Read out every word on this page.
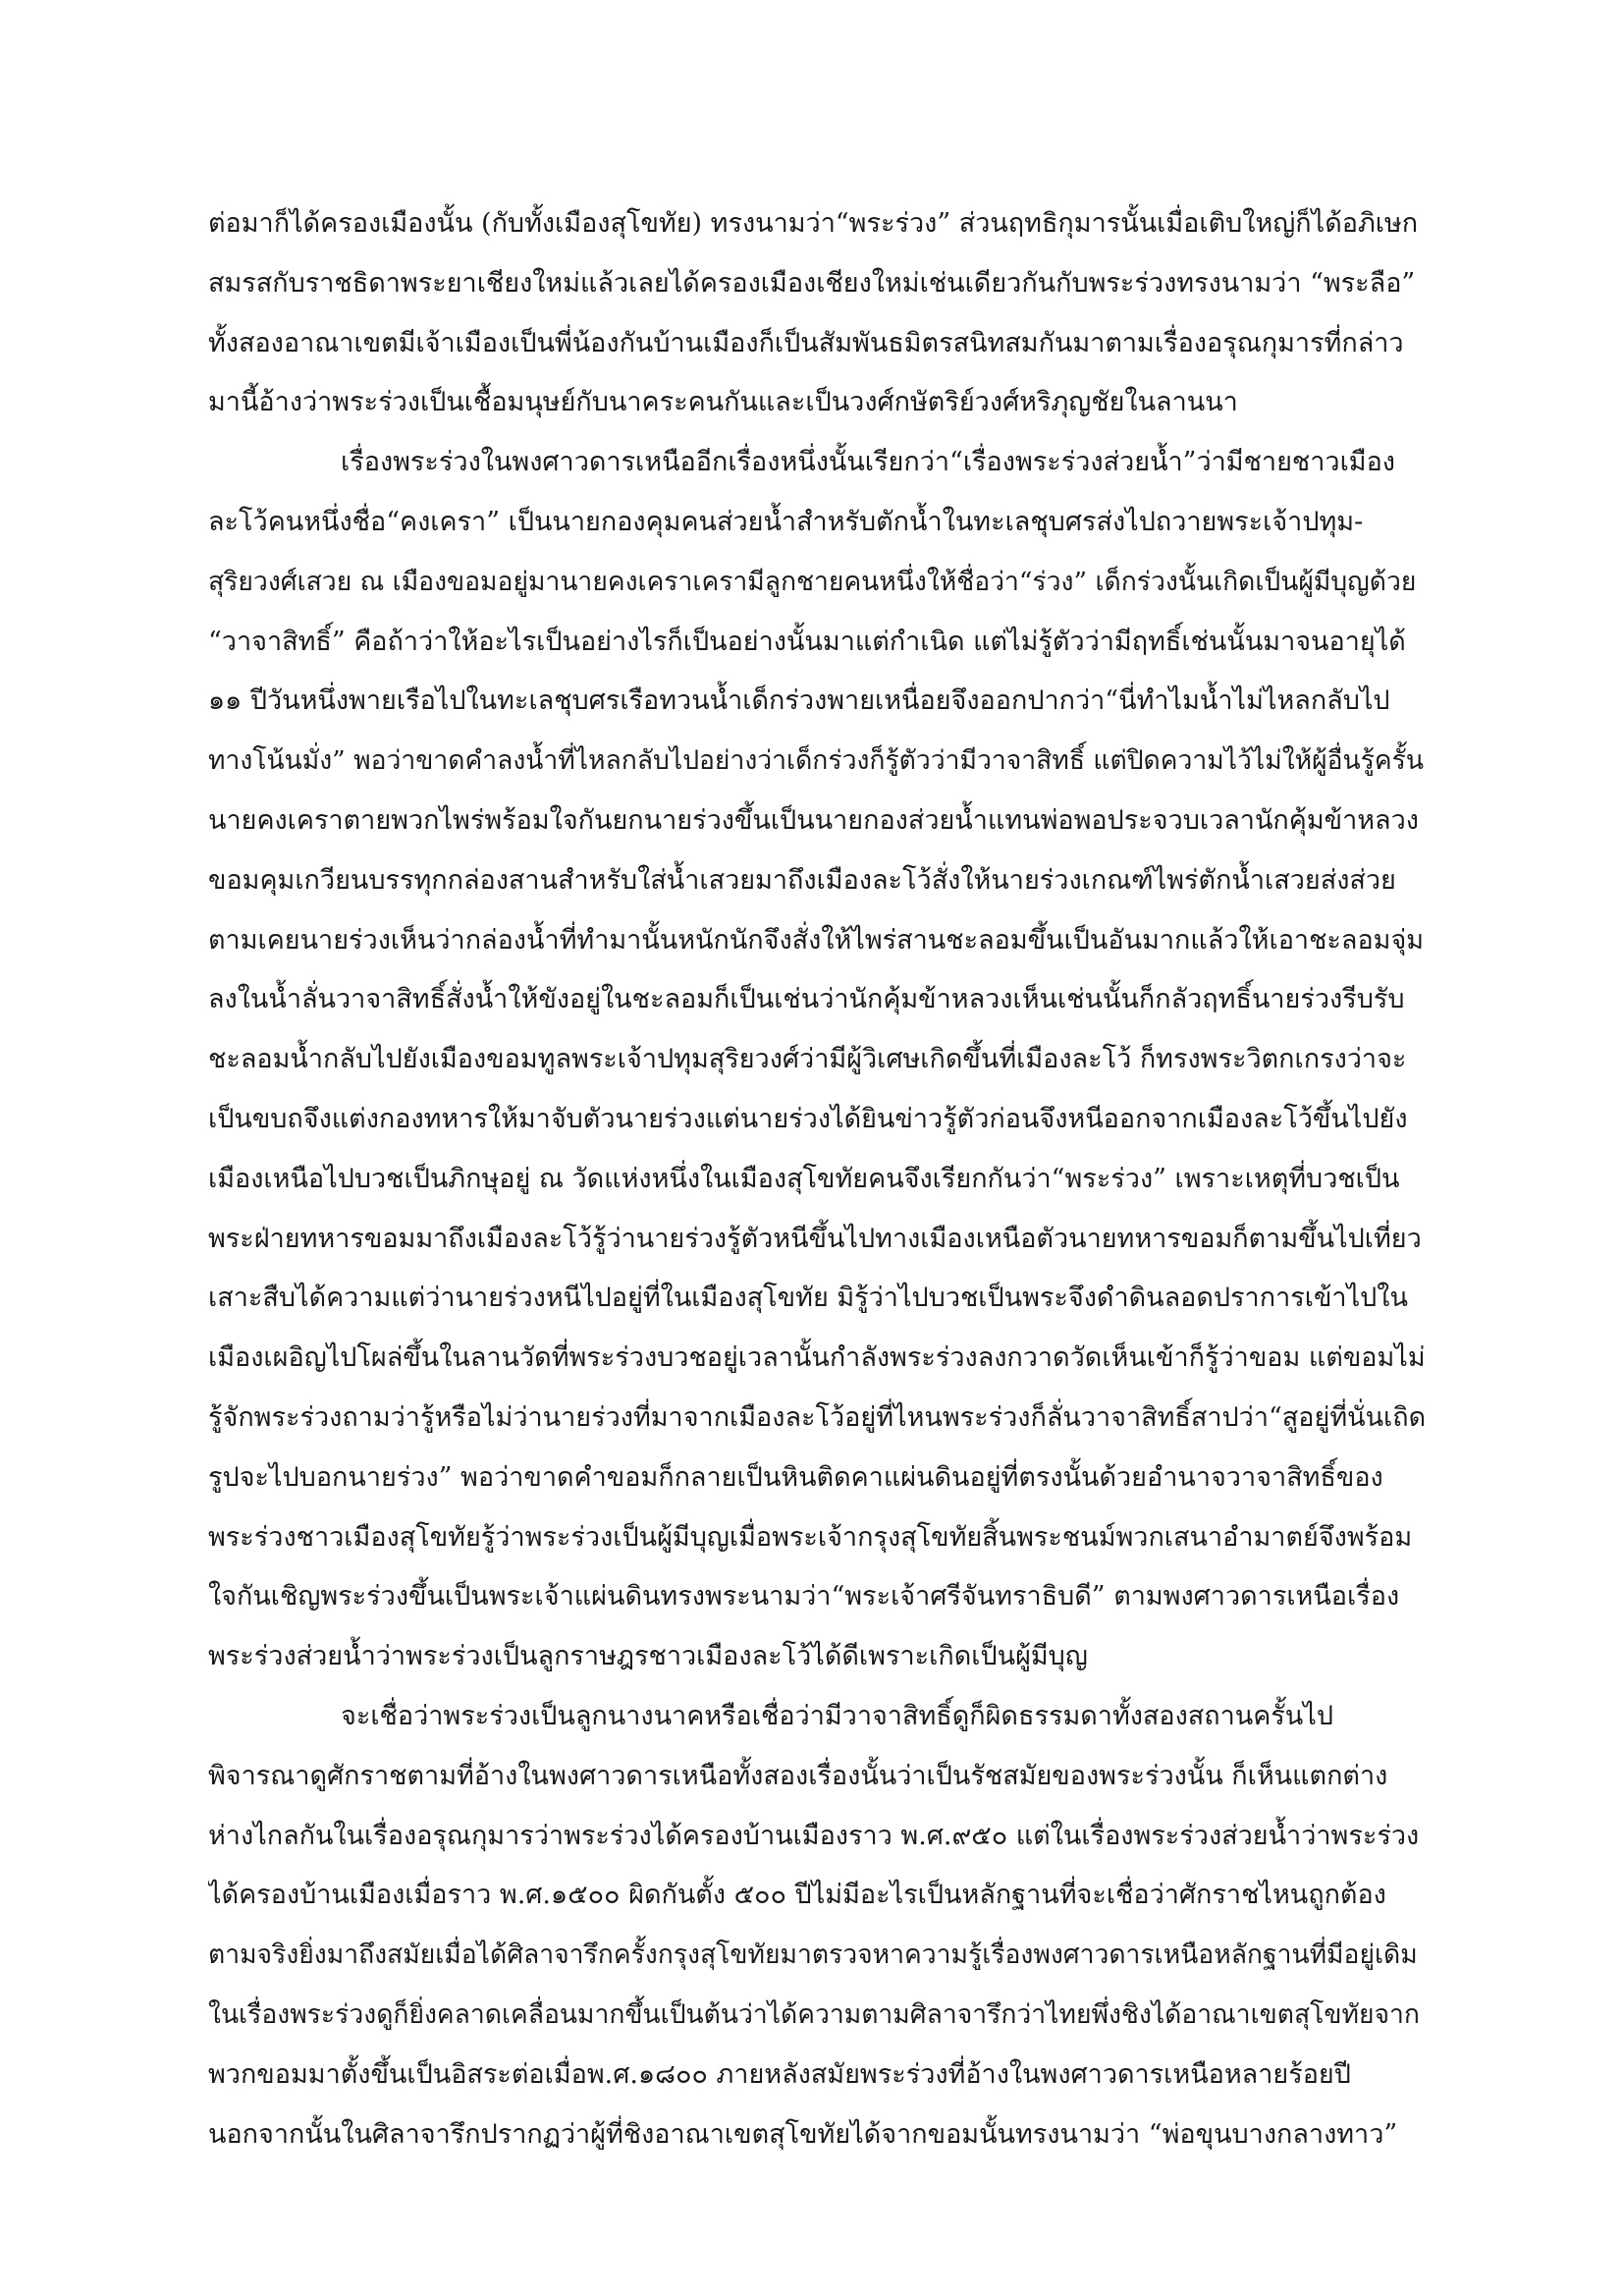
ต่อมาก็ได้ครองเมืองนั้น (กับทั้งเมืองสุโขทัย) ทรงนามว่า“พระร่วง” ส่วนฤทธิกุมารนั้นเมื่อเติบใหญ่ก็ได้อภิเษก
สมรสกับราชธิดาพระยาเชียงใหม่แล้วเลยได้ครองเมืองเชียงใหม่เช่นเดียวกันกับพระร่วงทรงนามว่า “พระลือ”
ทั้งสองอาณาเขตมีเจ้าเมืองเป็นพี่น้องกันบ้านเมืองก็เป็นสัมพันธมิตรสนิทสมกันมาตามเรื่องอรุณกุมารที่กล่าว
มานี้อ้างว่าพระร่วงเป็นเชื้อมนุษย์กับนาคระคนกันและเป็นวงศ์กษัตริย์วงศ์หริภุญชัยในลานนา
เรื่องพระร่วงในพงศาวดารเหนืออีกเรื่องหนึ่งนั้นเรียกว่า“เรื่องพระร่วงส่วยน้ำ”ว่ามีชายชาวเมือง
ละโว้คนหนึ่งชื่อ“คงเครา” เป็นนายกองคุมคนส่วยน้ำสำหรับตักน้ำในทะเลชุบศรส่งไปถวายพระเจ้าปทุม-
สุริยวงศ์เสวย ณ เมืองขอมอยู่มานายคงเคราเครามีลูกชายคนหนึ่งให้ชื่อว่า“ร่วง” เด็กร่วงนั้นเกิดเป็นผู้มีบุญด้วย
“วาจาสิทธิ์” คือถ้าว่าให้อะไรเป็นอย่างไรก็เป็นอย่างนั้นมาแต่กำเนิด แต่ไม่รู้ตัวว่ามีฤทธิ์เช่นนั้นมาจนอายุได้
๑๑ ปีวันหนึ่งพายเรือไปในทะเลชุบศรเรือทวนน้ำเด็กร่วงพายเหนื่อยจึงออกปากว่า“นี่ทำไมน้ำไม่ไหลกลับไป
ทางโน้นมั่ง” พอว่าขาดคำลงน้ำที่ไหลกลับไปอย่างว่าเด็กร่วงก็รู้ตัวว่ามีวาจาสิทธิ์ แต่ปิดความไว้ไม่ให้ผู้อื่นรู้ครั้น
นายคงเคราตายพวกไพร่พร้อมใจกันยกนายร่วงขึ้นเป็นนายกองส่วยน้ำแทนพ่อพอประจวบเวลานักคุ้มข้าหลวง
ขอมคุมเกวียนบรรทุกกล่องสานสำหรับใส่น้ำเสวยมาถึงเมืองละโว้สั่งให้นายร่วงเกณฑ์ไพร่ตักน้ำเสวยส่งส่วย
ตามเคยนายร่วงเห็นว่ากล่องน้ำที่ทำมานั้นหนักนักจึงสั่งให้ไพร่สานชะลอมขึ้นเป็นอันมากแล้วให้เอาชะลอมจุ่ม
ลงในน้ำลั่นวาจาสิทธิ์สั่งน้ำให้ขังอยู่ในชะลอมก็เป็นเช่นว่านักคุ้มข้าหลวงเห็นเช่นนั้นก็กลัวฤทธิ์นายร่วงรีบรับ
ชะลอมน้ำกลับไปยังเมืองขอมทูลพระเจ้าปทุมสุริยวงศ์ว่ามีผู้วิเศษเกิดขึ้นที่เมืองละโว้ ก็ทรงพระวิตกเกรงว่าจะ
เป็นขบถจึงแต่งกองทหารให้มาจับตัวนายร่วงแต่นายร่วงได้ยินข่าวรู้ตัวก่อนจึงหนีออกจากเมืองละโว้ขึ้นไปยัง
เมืองเหนือไปบวชเป็นภิกษุอยู่ ณ วัดแห่งหนึ่งในเมืองสุโขทัยคนจึงเรียกกันว่า“พระร่วง” เพราะเหตุที่บวชเป็น
พระฝ่ายทหารขอมมาถึงเมืองละโว้รู้ว่านายร่วงรู้ตัวหนีขึ้นไปทางเมืองเหนือตัวนายทหารขอมก็ตามขึ้นไปเที่ยว
เสาะสืบได้ความแต่ว่านายร่วงหนีไปอยู่ที่ในเมืองสุโขทัย มิรู้ว่าไปบวชเป็นพระจึงดำดินลอดปราการเข้าไปใน
เมืองเผอิญไปโผล่ขึ้นในลานวัดที่พระร่วงบวชอยู่เวลานั้นกำลังพระร่วงลงกวาดวัดเห็นเข้าก็รู้ว่าขอม แต่ขอมไม่
รู้จักพระร่วงถามว่ารู้หรือไม่ว่านายร่วงที่มาจากเมืองละโว้อยู่ที่ไหนพระร่วงก็ลั่นวาจาสิทธิ์สาปว่า“สูอยู่ที่นั่นเถิด
รูปจะไปบอกนายร่วง” พอว่าขาดคำขอมก็กลายเป็นหินติดคาแผ่นดินอยู่ที่ตรงนั้นด้วยอำนาจวาจาสิทธิ์ของ
พระร่วงชาวเมืองสุโขทัยรู้ว่าพระร่วงเป็นผู้มีบุญเมื่อพระเจ้ากรุงสุโขทัยสิ้นพระชนม์พวกเสนาอำมาตย์จึงพร้อม
ใจกันเชิญพระร่วงขึ้นเป็นพระเจ้าแผ่นดินทรงพระนามว่า“พระเจ้าศรีจันทราธิบดี” ตามพงศาวดารเหนือเรื่อง
พระร่วงส่วยน้ำว่าพระร่วงเป็นลูกราษฎรชาวเมืองละโว้ได้ดีเพราะเกิดเป็นผู้มีบุญ
จะเชื่อว่าพระร่วงเป็นลูกนางนาคหรือเชื่อว่ามีวาจาสิทธิ์ดูก็ผิดธรรมดาทั้งสองสถานครั้นไป
พิจารณาดูศักราชตามที่อ้างในพงศาวดารเหนือทั้งสองเรื่องนั้นว่าเป็นรัชสมัยของพระร่วงนั้น ก็เห็นแตกต่าง
ห่างไกลกันในเรื่องอรุณกุมารว่าพระร่วงได้ครองบ้านเมืองราว พ.ศ.๙๕๐ แต่ในเรื่องพระร่วงส่วยน้ำว่าพระร่วง
ได้ครองบ้านเมืองเมื่อราว พ.ศ.๑๕๐๐ ผิดกันตั้ง ๕๐๐ ปีไม่มีอะไรเป็นหลักฐานที่จะเชื่อว่าศักราชไหนถูกต้อง
ตามจริงยิ่งมาถึงสมัยเมื่อได้ศิลาจารึกครั้งกรุงสุโขทัยมาตรวจหาความรู้เรื่องพงศาวดารเหนือหลักฐานที่มีอยู่เดิม
ในเรื่องพระร่วงดูก็ยิ่งคลาดเคลื่อนมากขึ้นเป็นต้นว่าได้ความตามศิลาจารึกว่าไทยพึ่งชิงได้อาณาเขตสุโขทัยจาก
พวกขอมมาตั้งขึ้นเป็นอิสระต่อเมื่อพ.ศ.๑๘๐๐ ภายหลังสมัยพระร่วงที่อ้างในพงศาวดารเหนือหลายร้อยปี
นอกจากนั้นในศิลาจารึกปรากฏว่าผู้ที่ชิงอาณาเขตสุโขทัยได้จากขอมนั้นทรงนามว่า “พ่อขุนบางกลางทาว”
